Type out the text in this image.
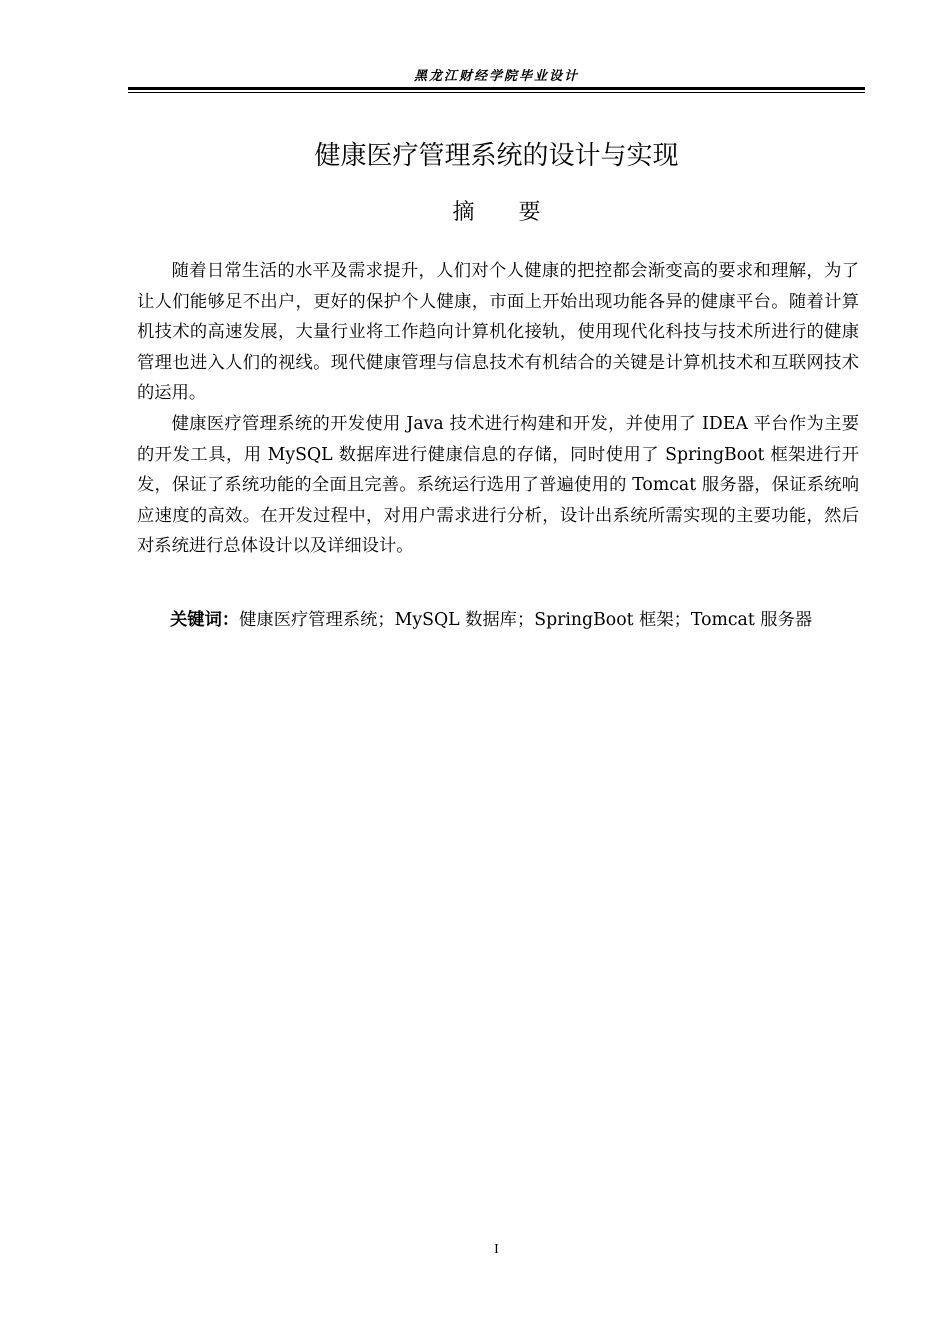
黑龙江财经学院毕业设计
健康医疗管理系统的设计与实现
摘 要

随着日常生活的水平及需求提升，人们对个人健康的把控都会渐变高的要求和理解，为了让人们能够足不出户，更好的保护个人健康，市面上开始出现功能各异的健康平台。随着计算机技术的高速发展，大量行业将工作趋向计算机化接轨，使用现代化科技与技术所进行的健康管理也进入人们的视线。现代健康管理与信息技术有机结合的关键是计算机技术和互联网技术的运用。

健康医疗管理系统的开发使用 Java 技术进行构建和开发，并使用了 IDEA 平台作为主要的开发工具，用 MySQL 数据库进行健康信息的存储，同时使用了 SpringBoot 框架进行开发，保证了系统功能的全面且完善。系统运行选用了普遍使用的 Tomcat 服务器，保证系统响应速度的高效。在开发过程中，对用户需求进行分析，设计出系统所需实现的主要功能，然后对系统进行总体设计以及详细设计。

关键词：健康医疗管理系统；MySQL 数据库；SpringBoot 框架；Tomcat 服务器
I
